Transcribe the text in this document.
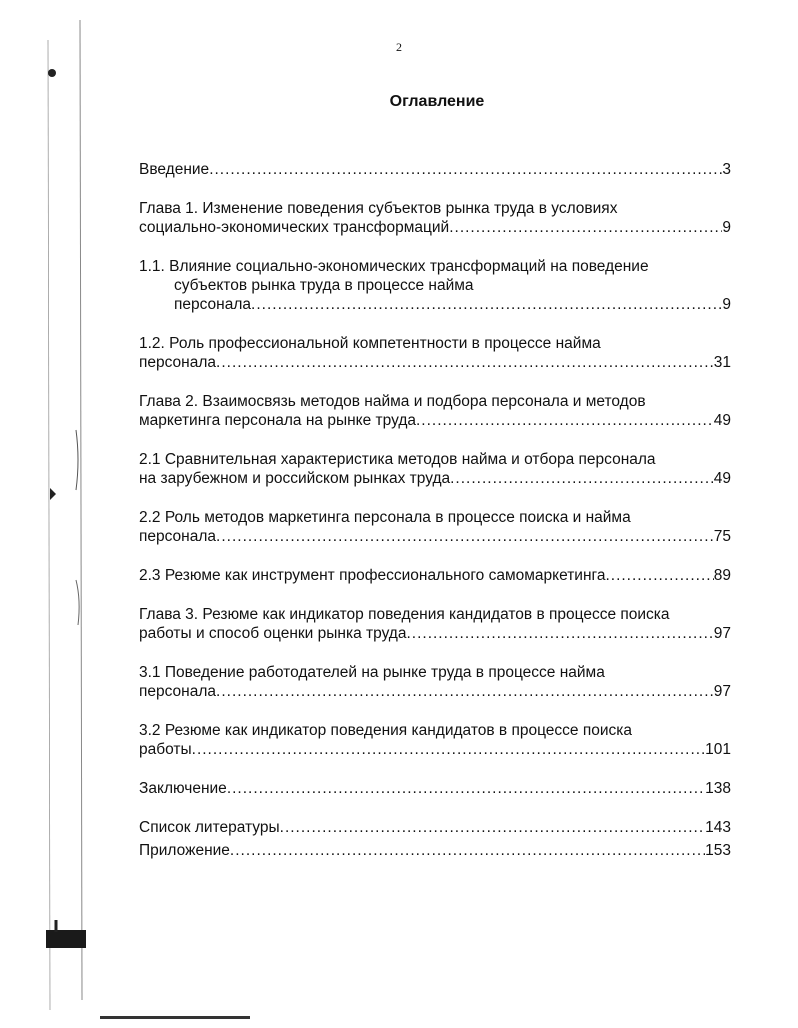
2
Оглавление
Введение .....	3
Глава 1. Изменение поведения субъектов рынка труда в условиях
социально-экономических трансформаций .....	9
1.1. Влияние социально-экономических трансформаций на поведение
субъектов рынка труда в процессе найма
персонала .....	9
1.2. Роль профессиональной компетентности в процессе найма
персонала .....	31
Глава 2. Взаимосвязь методов найма и подбора персонала и методов
маркетинга персонала на рынке труда .....	49
2.1 Сравнительная характеристика методов найма и отбора персонала
на зарубежном и российском рынках труда .....	49
2.2 Роль методов маркетинга персонала в процессе поиска и найма
персонала .....	75
2.3 Резюме как инструмент профессионального самомаркетинга .....	89
Глава 3. Резюме как индикатор поведения кандидатов в процессе поиска
работы и способ оценки рынка труда .....	97
3.1 Поведение работодателей на рынке труда в процессе найма
персонала .....	97
3.2 Резюме как индикатор поведения кандидатов в процессе поиска
работы .....	101
Заключение .....	138
Список литературы .....	143
Приложение .....	153
